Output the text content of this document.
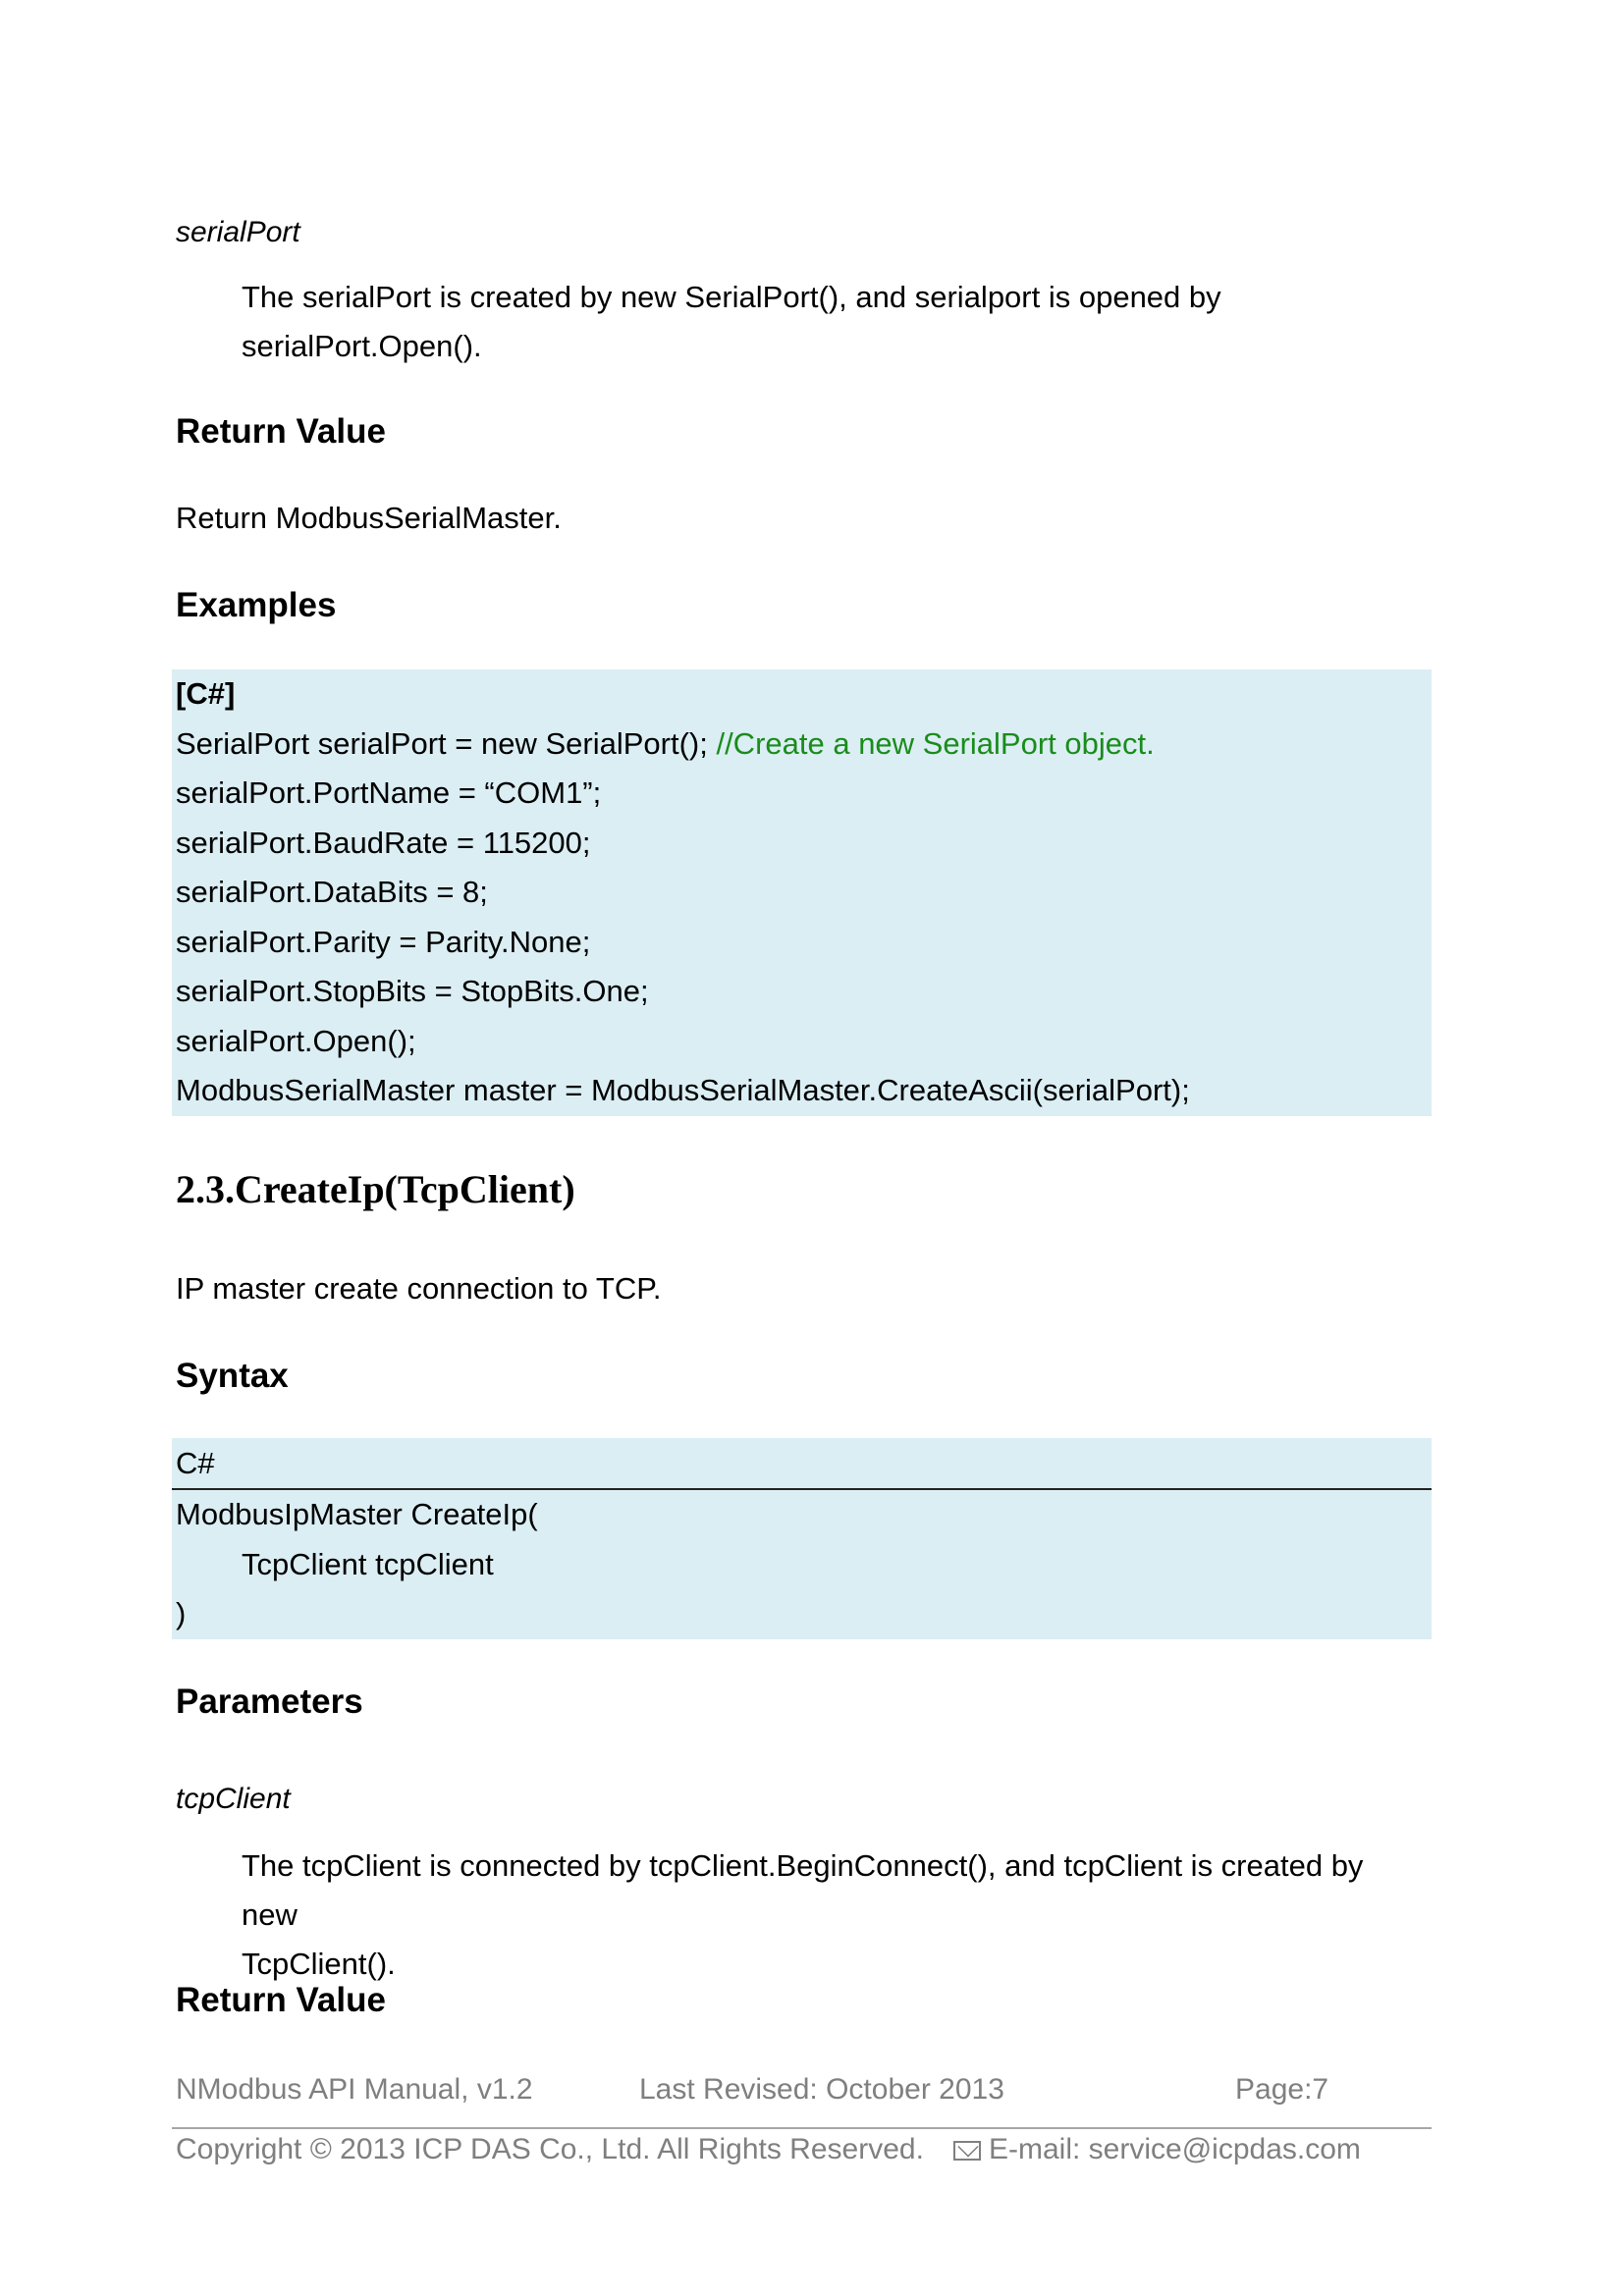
serialPort
The serialPort is created by new SerialPort(), and serialport is opened by
serialPort.Open().
Return Value
Return ModbusSerialMaster.
Examples
[C#]
SerialPort serialPort = new SerialPort(); //Create a new SerialPort object.
serialPort.PortName = “COM1”;
serialPort.BaudRate = 115200;
serialPort.DataBits = 8;
serialPort.Parity = Parity.None;
serialPort.StopBits = StopBits.One;
serialPort.Open();
ModbusSerialMaster master = ModbusSerialMaster.CreateAscii(serialPort);
2.3.CreateIp(TcpClient)
IP master create connection to TCP.
Syntax
C#
ModbusIpMaster CreateIp(
TcpClient tcpClient
)
Parameters
tcpClient
The tcpClient is connected by tcpClient.BeginConnect(), and tcpClient is created by new
TcpClient().
Return Value
NModbus API Manual, v1.2	Last Revised: October 2013	Page:7
Copyright © 2013 ICP DAS Co., Ltd. All Rights Reserved.	E-mail: service@icpdas.com
